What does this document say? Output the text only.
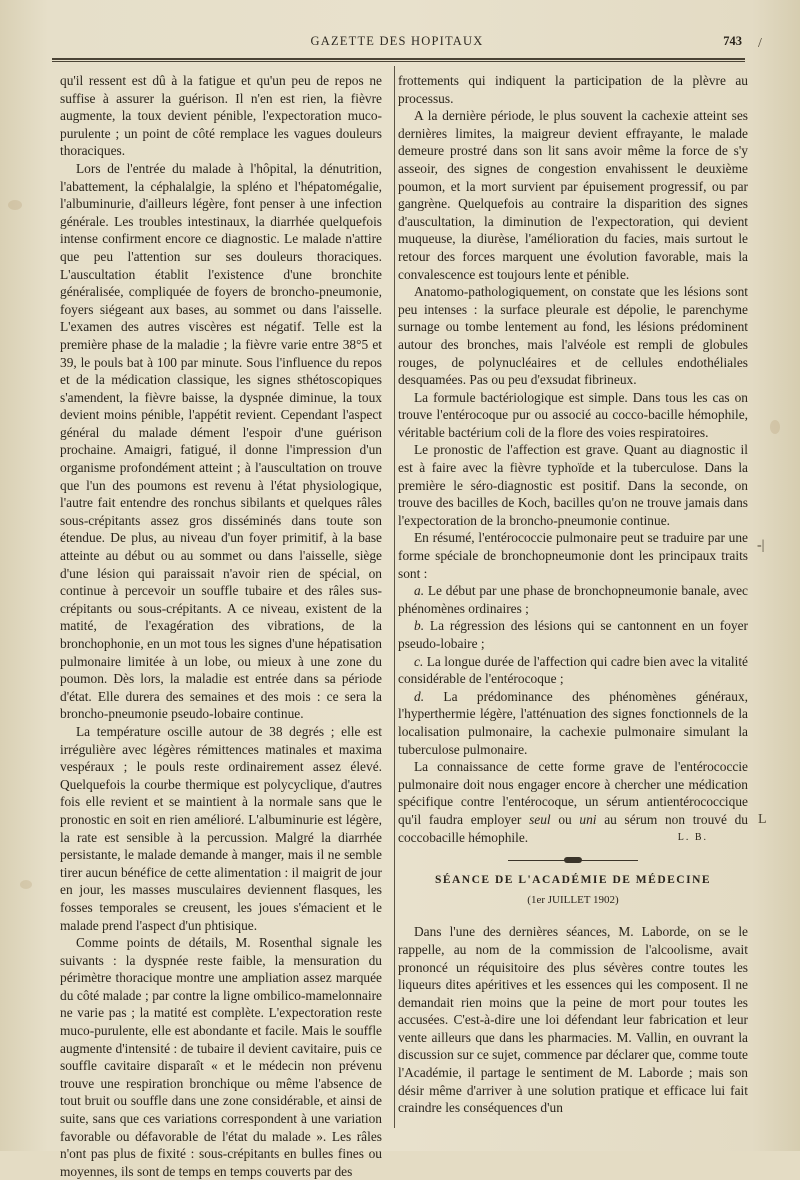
GAZETTE DES HOPITAUX	743 /
-|
L

qu'il ressent est dû à la fatigue et qu'un peu de repos ne suffise à assurer la guérison. Il n'en est rien, la fièvre augmente, la toux devient pénible, l'expectoration muco-purulente ; un point de côté remplace les vagues douleurs thoraciques.

Lors de l'entrée du malade à l'hôpital, la dénutrition, l'abattement, la céphalalgie, la spléno et l'hépatomégalie, l'albuminurie, d'ailleurs légère, font penser à une infection générale. Les troubles intestinaux, la diarrhée quelquefois intense confirment encore ce diagnostic. Le malade n'attire que peu l'attention sur ses douleurs thoraciques. L'auscultation établit l'existence d'une bronchite généralisée, compliquée de foyers de broncho-pneumonie, foyers siégeant aux bases, au sommet ou dans l'aisselle. L'examen des autres viscères est négatif. Telle est la première phase de la maladie ; la fièvre varie entre 38°5 et 39, le pouls bat à 100 par minute. Sous l'influence du repos et de la médication classique, les signes sthétoscopiques s'amendent, la fièvre baisse, la dyspnée diminue, la toux devient moins pénible, l'appétit revient. Cependant l'aspect général du malade dément l'espoir d'une guérison prochaine. Amaigri, fatigué, il donne l'impression d'un organisme profondément atteint ; à l'auscultation on trouve que l'un des poumons est revenu à l'état physiologique, l'autre fait entendre des ronchus sibilants et quelques râles sous-crépitants assez gros disséminés dans toute son étendue. De plus, au niveau d'un foyer primitif, à la base atteinte au début ou au sommet ou dans l'aisselle, siège d'une lésion qui paraissait n'avoir rien de spécial, on continue à percevoir un souffle tubaire et des râles sus-crépitants ou sous-crépitants. A ce niveau, existent de la matité, de l'exagération des vibrations, de la bronchophonie, en un mot tous les signes d'une hépatisation pulmonaire limitée à un lobe, ou mieux à une zone du poumon. Dès lors, la maladie est entrée dans sa période d'état. Elle durera des semaines et des mois : ce sera la broncho-pneumonie pseudo-lobaire continue.

La température oscille autour de 38 degrés ; elle est irrégulière avec légères rémittences matinales et maxima vespéraux ; le pouls reste ordinairement assez élevé. Quelquefois la courbe thermique est polycyclique, d'autres fois elle revient et se maintient à la normale sans que le pronostic en soit en rien amélioré. L'albuminurie est légère, la rate est sensible à la percussion. Malgré la diarrhée persistante, le malade demande à manger, mais il ne semble tirer aucun bénéfice de cette alimentation : il maigrit de jour en jour, les masses musculaires deviennent flasques, les fosses temporales se creusent, les joues s'émacient et le malade prend l'aspect d'un phtisique.

Comme points de détails, M. Rosenthal signale les suivants : la dyspnée reste faible, la mensuration du périmètre thoracique montre une ampliation assez marquée du côté malade ; par contre la ligne ombilico-mamelonnaire ne varie pas ; la matité est complète. L'expectoration reste muco-purulente, elle est abondante et facile. Mais le souffle augmente d'intensité : de tubaire il devient cavitaire, puis ce souffle cavitaire disparaît « et le médecin non prévenu trouve une respiration bronchique ou même l'absence de tout bruit ou souffle dans une zone considérable, et ainsi de suite, sans que ces variations correspondent à une variation favorable ou défavorable de l'état du malade ». Les râles n'ont pas plus de fixité : sous-crépitants en bulles fines ou moyennes, ils sont de temps en temps couverts par des

frottements qui indiquent la participation de la plèvre au processus.

A la dernière période, le plus souvent la cachexie atteint ses dernières limites, la maigreur devient effrayante, le malade demeure prostré dans son lit sans avoir même la force de s'y asseoir, des signes de congestion envahissent le deuxième poumon, et la mort survient par épuisement progressif, ou par gangrène. Quelquefois au contraire la disparition des signes d'auscultation, la diminution de l'expectoration, qui devient muqueuse, la diurèse, l'amélioration du facies, mais surtout le retour des forces marquent une évolution favorable, mais la convalescence est toujours lente et pénible.

Anatomo-pathologiquement, on constate que les lésions sont peu intenses : la surface pleurale est dépolie, le parenchyme surnage ou tombe lentement au fond, les lésions prédominent autour des bronches, mais l'alvéole est rempli de globules rouges, de polynucléaires et de cellules endothéliales desquamées. Pas ou peu d'exsudat fibrineux.

La formule bactériologique est simple. Dans tous les cas on trouve l'entérocoque pur ou associé au cocco-bacille hémophile, véritable bactérium coli de la flore des voies respiratoires.

Le pronostic de l'affection est grave. Quant au diagnostic il est à faire avec la fièvre typhoïde et la tuberculose. Dans la première le séro-diagnostic est positif. Dans la seconde, on trouve des bacilles de Koch, bacilles qu'on ne trouve jamais dans l'expectoration de la broncho-pneumonie continue.

En résumé, l'entérococcie pulmonaire peut se traduire par une forme spéciale de bronchopneumonie dont les principaux traits sont :

a. Le début par une phase de bronchopneumonie banale, avec phénomènes ordinaires ;

b. La régression des lésions qui se cantonnent en un foyer pseudo-lobaire ;

c. La longue durée de l'affection qui cadre bien avec la vitalité considérable de l'entérocoque ;

d. La prédominance des phénomènes généraux, l'hyperthermie légère, l'atténuation des signes fonctionnels de la localisation pulmonaire, la cachexie pulmonaire simulant la tuberculose pulmonaire.

La connaissance de cette forme grave de l'entérococcie pulmonaire doit nous engager encore à chercher une médication spécifique contre l'entérocoque, un sérum antientérococcique qu'il faudra employer seul ou uni au sérum non trouvé du coccobacille hémophile.	L. B.

SÉANCE DE L'ACADÉMIE DE MÉDECINE
(1er JUILLET 1902)

Dans l'une des dernières séances, M. Laborde, on se le rappelle, au nom de la commission de l'alcoolisme, avait prononcé un réquisitoire des plus sévères contre toutes les liqueurs dites apéritives et les essences qui les composent. Il ne demandait rien moins que la peine de mort pour toutes les accusées. C'est-à-dire une loi défendant leur fabrication et leur vente ailleurs que dans les pharmacies. M. Vallin, en ouvrant la discussion sur ce sujet, commence par déclarer que, comme toute l'Académie, il partage le sentiment de M. Laborde ; mais son désir même d'arriver à une solution pratique et efficace lui fait craindre les conséquences d'un
